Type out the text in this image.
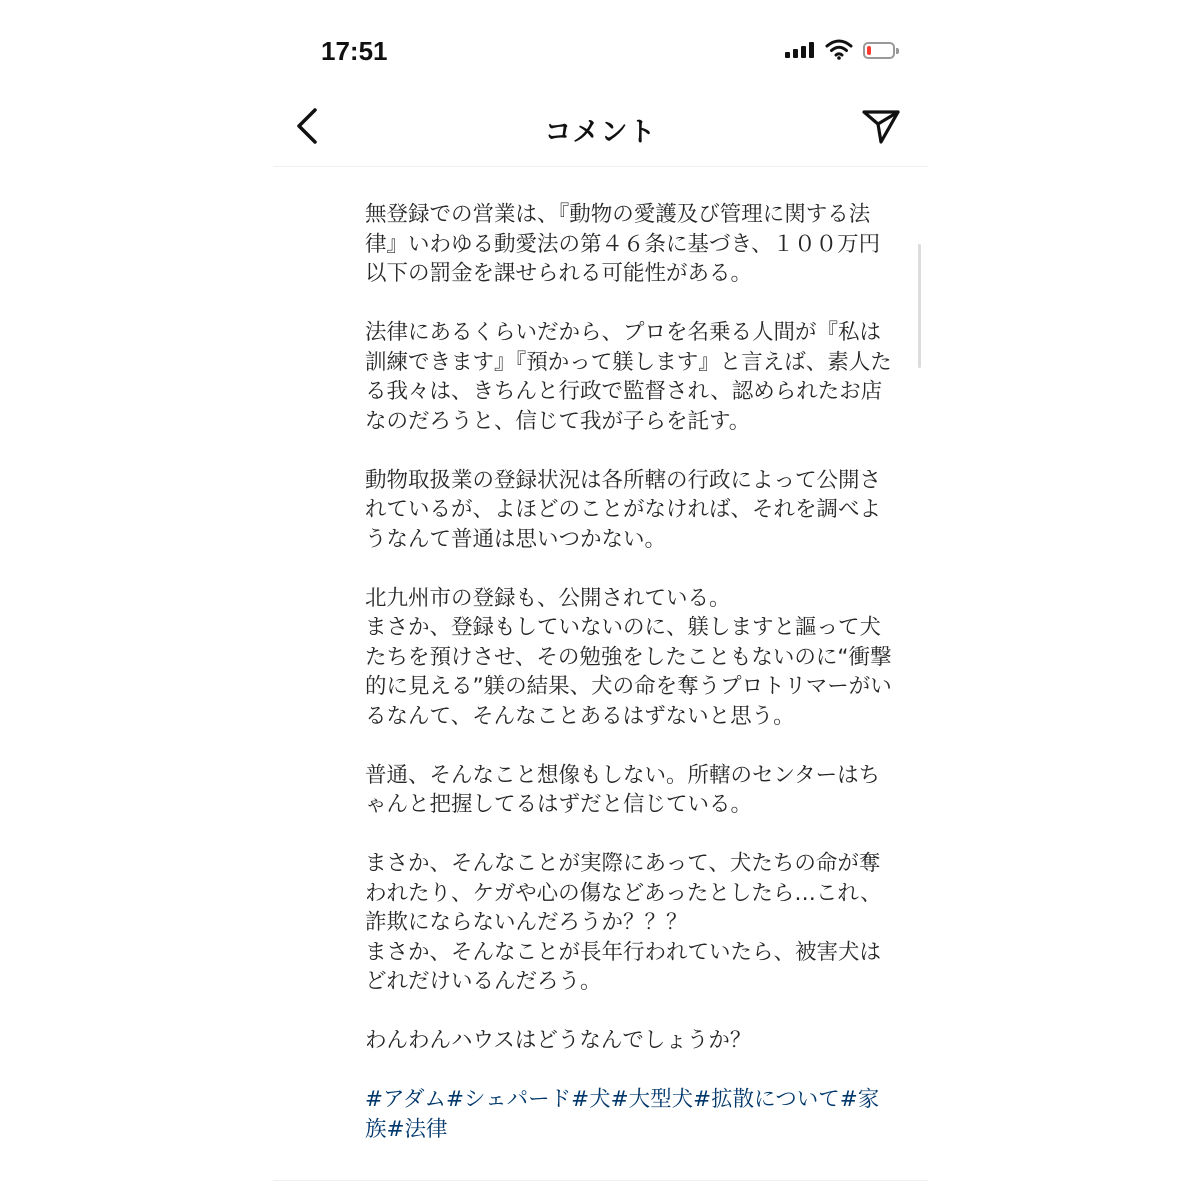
17:51
コメント

無登録での営業は、『動物の愛護及び管理に関する法律』いわゆる動愛法の第４６条に基づき、１００万円以下の罰金を課せられる可能性がある。

法律にあるくらいだから、プロを名乗る人間が『私は訓練できます』『預かって躾します』と言えば、素人たる我々は、きちんと行政で監督され、認められたお店なのだろうと、信じて我が子らを託す。

動物取扱業の登録状況は各所轄の行政によって公開されているが、よほどのことがなければ、それを調べようなんて普通は思いつかない。

北九州市の登録も、公開されている。
まさか、登録もしていないのに、躾しますと謳って犬たちを預けさせ、その勉強をしたこともないのに“衝撃的に見える”躾の結果、犬の命を奪うプロトリマーがいるなんて、そんなことあるはずないと思う。

普通、そんなこと想像もしない。所轄のセンターはちゃんと把握してるはずだと信じている。

まさか、そんなことが実際にあって、犬たちの命が奪われたり、ケガや心の傷などあったとしたら…これ、詐欺にならないんだろうか？？？
まさか、そんなことが長年行われていたら、被害犬はどれだけいるんだろう。

わんわんハウスはどうなんでしょうか？

#アダム#シェパード#犬#大型犬#拡散について#家族#法律
